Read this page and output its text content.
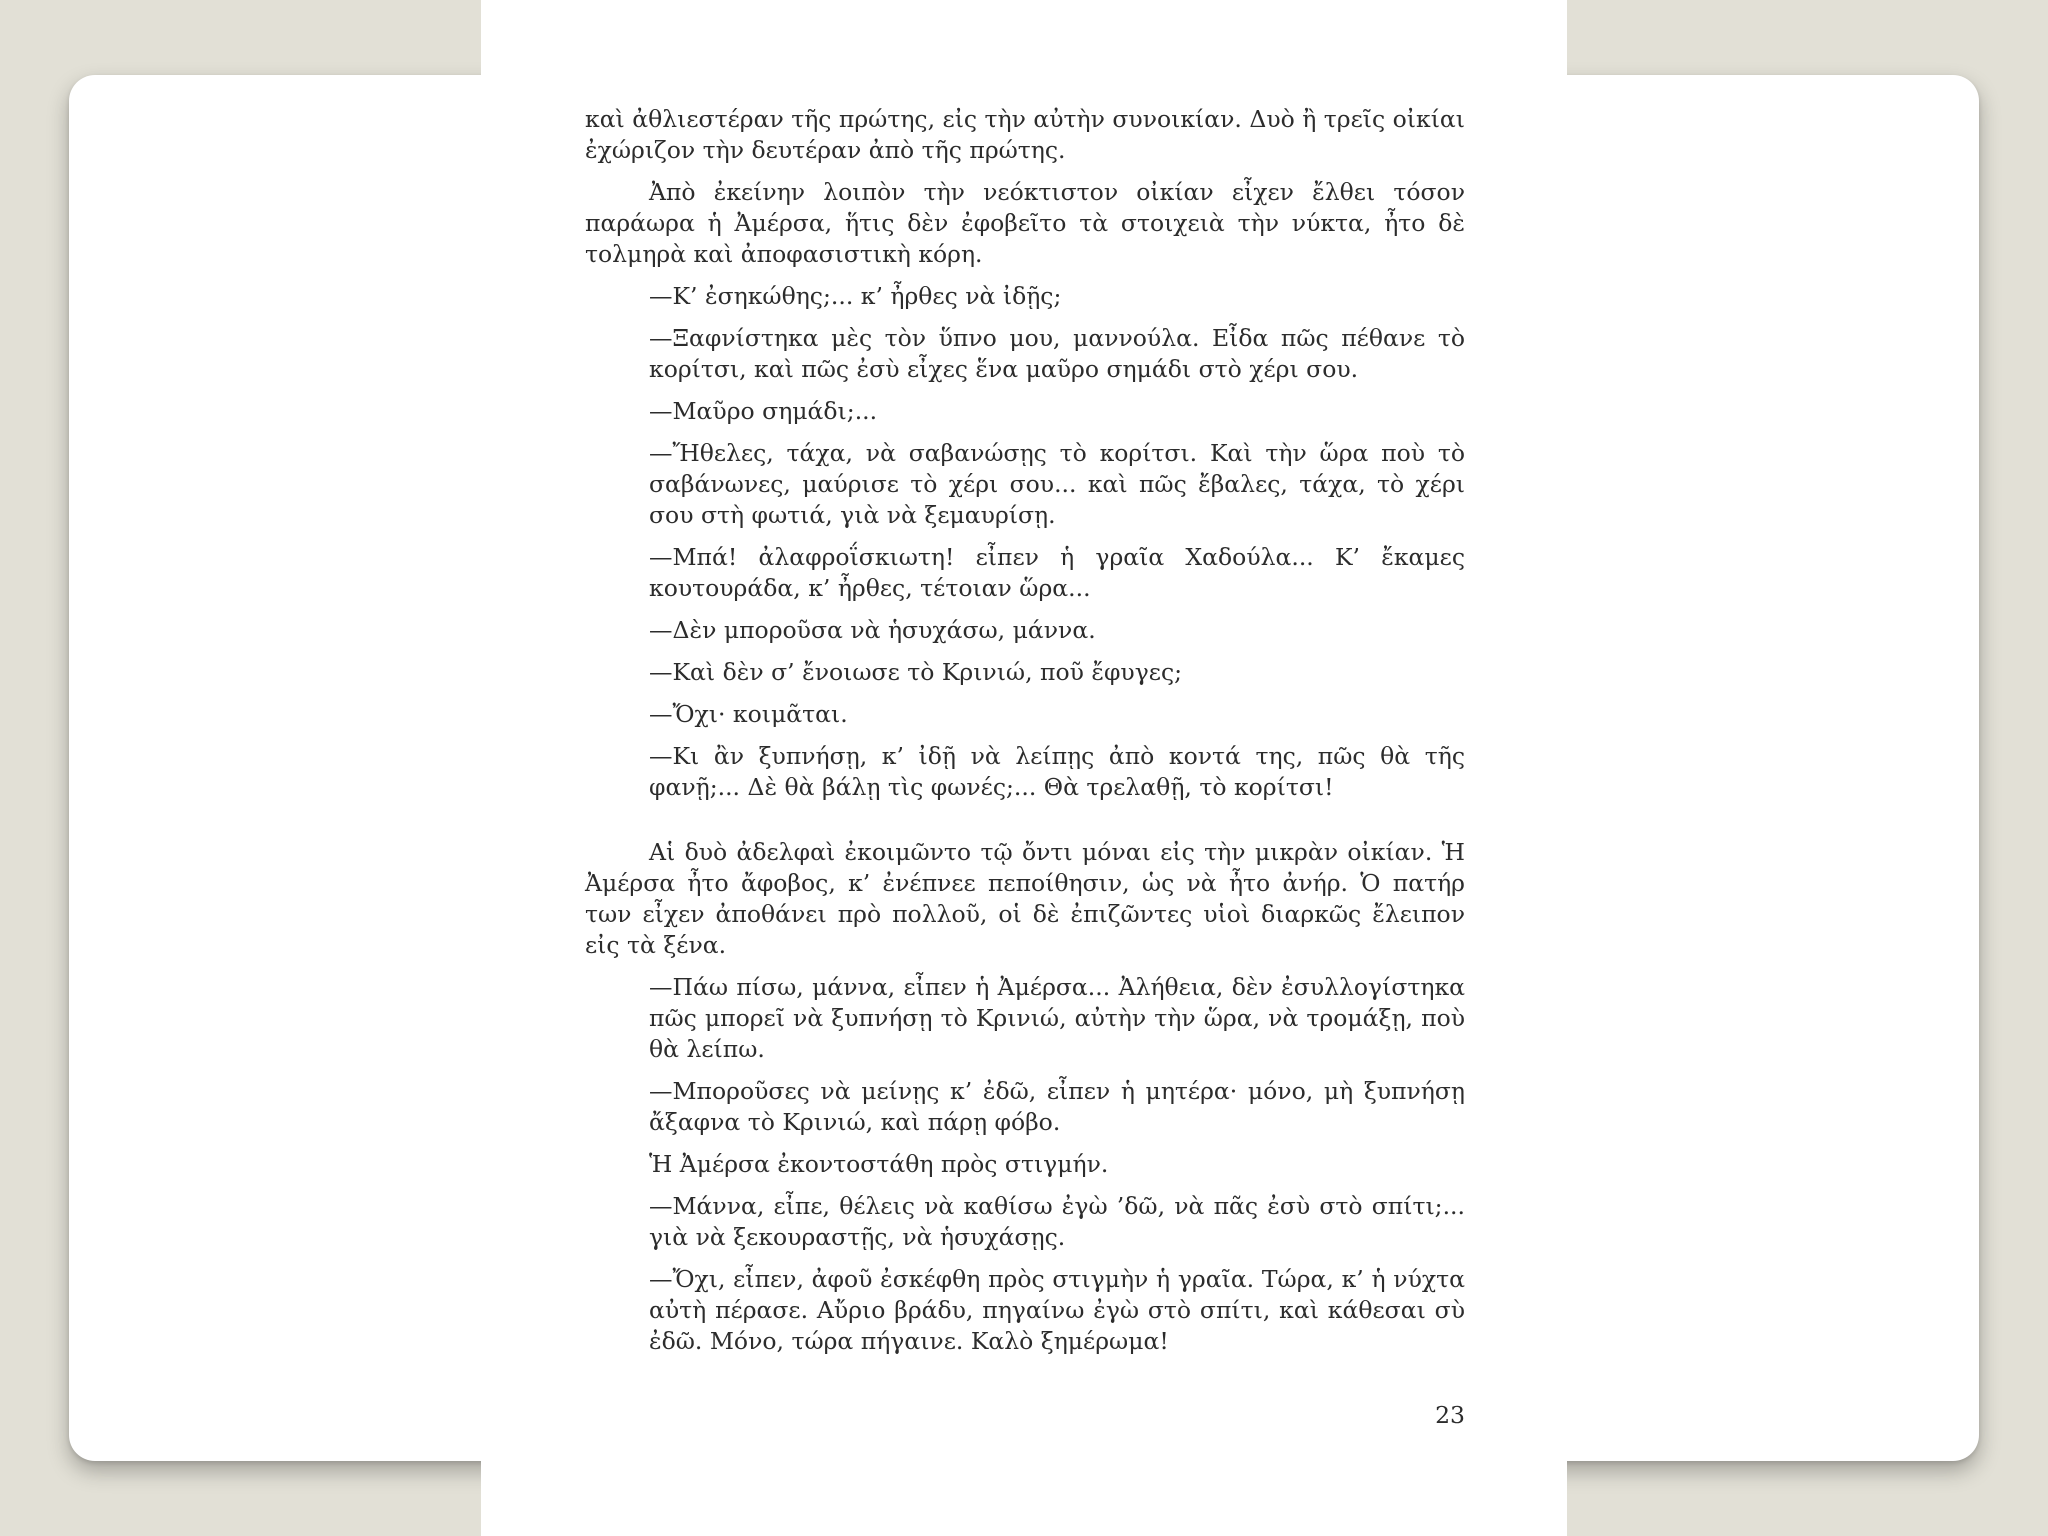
καὶ ἀθλιεστέραν τῆς πρώτης, εἰς τὴν αὐτὴν συνοικίαν. Δυὸ ἢ τρεῖς οἰκίαι ἐχώριζον τὴν δευτέραν ἀπὸ τῆς πρώτης.

Ἀπὸ ἐκείνην λοιπὸν τὴν νεόκτιστον οἰκίαν εἶχεν ἔλθει τόσον παράωρα ἡ Ἀμέρσα, ἥτις δὲν ἐφοβεῖτο τὰ στοιχειὰ τὴν νύκτα, ἦτο δὲ τολμηρὰ καὶ ἀποφασιστικὴ κόρη.

—Κ’ ἐσηκώθης;... κ’ ἦρθες νὰ ἰδῇς;

—Ξαφνίστηκα μὲς τὸν ὕπνο μου, μαννούλα. Εἶδα πῶς πέθανε τὸ κορίτσι, καὶ πῶς ἐσὺ εἶχες ἕνα μαῦρο σημάδι στὸ χέρι σου.

—Μαῦρο σημάδι;...

—Ἤθελες, τάχα, νὰ σαβανώσῃς τὸ κορίτσι. Καὶ τὴν ὥρα ποὺ τὸ σαβάνωνες, μαύρισε τὸ χέρι σου... καὶ πῶς ἔβαλες, τάχα, τὸ χέρι σου στὴ φωτιά, γιὰ νὰ ξεμαυρίσῃ.

—Μπά! ἀλαφροΐσκιωτη! εἶπεν ἡ γραῖα Χαδούλα... Κ’ ἔκαμες κουτουράδα, κ’ ἦρθες, τέτοιαν ὥρα...

—Δὲν μποροῦσα νὰ ἡσυχάσω, μάννα.

—Καὶ δὲν σ’ ἔνοιωσε τὸ Κρινιώ, ποῦ ἔφυγες;

—Ὄχι· κοιμᾶται.

—Κι ἂν ξυπνήσῃ, κ’ ἰδῇ νὰ λείπῃς ἀπὸ κοντά της, πῶς θὰ τῆς φανῇ;... Δὲ θὰ βάλῃ τὶς φωνές;... Θὰ τρελαθῇ, τὸ κορίτσι!

Αἱ δυὸ ἀδελφαὶ ἐκοιμῶντο τῷ ὄντι μόναι εἰς τὴν μικρὰν οἰκίαν. Ἡ Ἀμέρσα ἦτο ἄφοβος, κ’ ἐνέπνεε πεποίθησιν, ὡς νὰ ἦτο ἀνήρ. Ὁ πατήρ των εἶχεν ἀποθάνει πρὸ πολλοῦ, οἱ δὲ ἐπιζῶντες υἱοὶ διαρκῶς ἔλειπον εἰς τὰ ξένα.

—Πάω πίσω, μάννα, εἶπεν ἡ Ἀμέρσα... Ἀλήθεια, δὲν ἐσυλλογίστηκα πῶς μπορεῖ νὰ ξυπνήσῃ τὸ Κρινιώ, αὐτὴν τὴν ὥρα, νὰ τρομάξῃ, ποὺ θὰ λείπω.

—Μποροῦσες νὰ μείνῃς κ’ ἐδῶ, εἶπεν ἡ μητέρα· μόνο, μὴ ξυπνήσῃ ἄξαφνα τὸ Κρινιώ, καὶ πάρῃ φόβο.

Ἡ Ἀμέρσα ἐκοντοστάθη πρὸς στιγμήν.

—Μάννα, εἶπε, θέλεις νὰ καθίσω ἐγὼ ’δῶ, νὰ πᾶς ἐσὺ στὸ σπίτι;... γιὰ νὰ ξεκουραστῇς, νὰ ἡσυχάσῃς.

—Ὄχι, εἶπεν, ἀφοῦ ἐσκέφθη πρὸς στιγμὴν ἡ γραῖα. Τώρα, κ’ ἡ νύχτα αὐτὴ πέρασε. Αὔριο βράδυ, πηγαίνω ἐγὼ στὸ σπίτι, καὶ κάθεσαι σὺ ἐδῶ. Μόνο, τώρα πήγαινε. Καλὸ ξημέρωμα!

23
